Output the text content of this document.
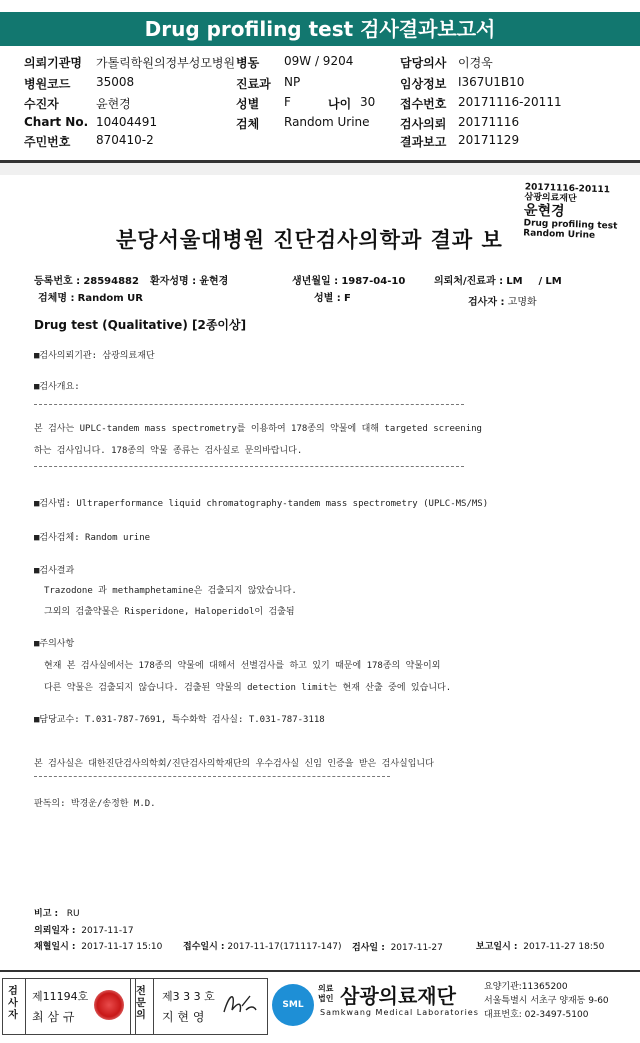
Drug profiling test 검사결과보고서
의뢰기관명 가톨릭학원의정부성모병원 병동 09W / 9204	담당의사 이경욱
병원코드 35008	진료과 NP	임상정보 I367U1B10
수진자	윤현경	성별 F	나이 30 접수번호 20171116-20111
Chart No. 10404491	검체 Random Urine	검사의뢰 20171116
주민번호 870410-2	결과보고 20171129
20171116-20111
삼광의료재단
윤현경
Drug profiling test
Random Urine
분당서울대병원 진단검사의학과 결과 보
등록번호 : 28594882 환자성명 : 윤현경	생년월일 : 1987-04-10	의뢰처/진료과 : LM / LM
검체명 : Random UR	성별 : F	검사자 : 고명화
Drug test (Qualitative) [2종이상]
■검사의뢰기관: 삼광의료재단
■검사개요:
본 검사는 UPLC-tandem mass spectrometry를 이용하여 178종의 약물에 대해 targeted screening
하는 검사입니다. 178종의 약물 종류는 검사실로 문의바랍니다.
■검사법: Ultraperformance liquid chromatography-tandem mass spectrometry (UPLC-MS/MS)
■검사검체: Random urine
■검사결과
Trazodone 과 methamphetamine은 검출되지 않았습니다.
그외의 검출약물은 Risperidone, Haloperidol이 검출됨
■주의사항
현재 본 검사실에서는 178종의 약물에 대해서 선별검사를 하고 있기 때문에 178종의 약물이외
다른 약물은 검출되지 않습니다. 검출된 약물의 detection limit는 현재 산출 중에 있습니다.
■담당교수: T.031-787-7691, 특수화학 검사실: T.031-787-3118
본 검사실은 대한진단검사의학회/진단검사의학재단의 우수검사실 신임 인증을 받은 검사실입니다
판독의: 박경운/송정한 M.D.
비고 : RU
의뢰일자 : 2017-11-17
채혈일시 : 2017-11-17 15:10 접수일시 : 2017-11-17(171117-147) 검사일 : 2017-11-27	보고일시 : 2017-11-27 18:50
검사자
제11194호
최 삼 규
전문의
제3 3 3 호
지 현 영
SML
의료
법인 삼광의료재단
Samkwang Medical Laboratories
요양기관:11365200
서울특별시 서초구 양재동 9-60
대표번호: 02-3497-5100
